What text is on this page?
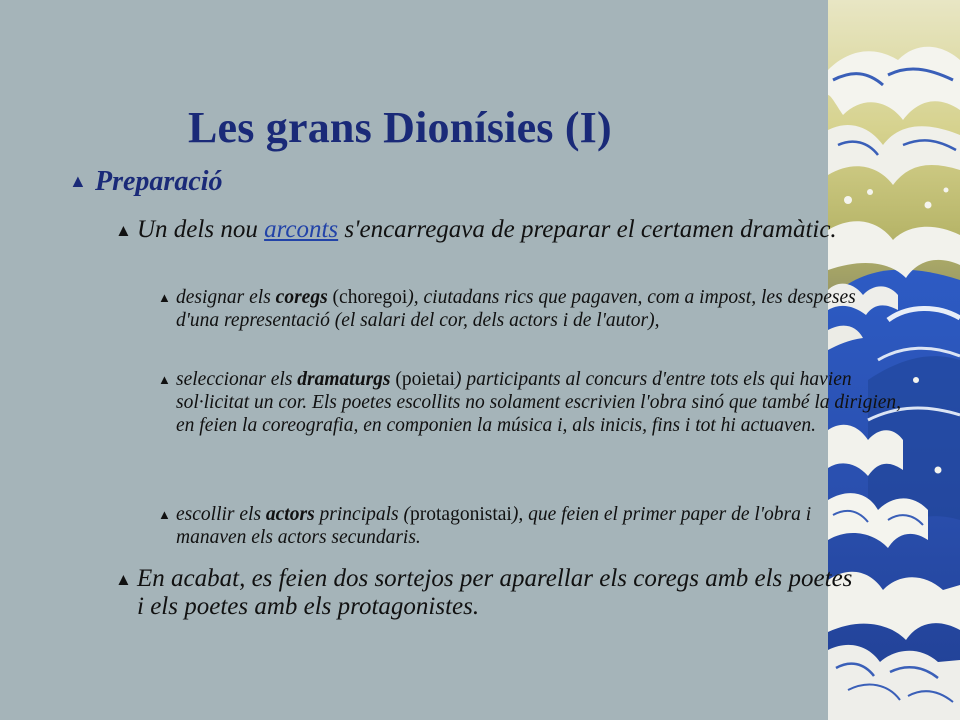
Les grans Dionísies (I)
▲ Preparació
▲ Un dels nou arconts s'encarregava de preparar el certamen dramàtic.
▲ designar els coregs (choregoi), ciutadans rics que pagaven, com a impost, les despeses d'una representació (el salari del cor, dels actors i de l'autor),
▲ seleccionar els dramaturgs (poietai) participants al concurs d'entre tots els qui havien sol·licitat un cor. Els poetes escollits no solament escrivien l'obra sinó que també la dirigien, en feien la coreografia, en componien la música i, als inicis, fins i tot hi actuaven.
▲ escollir els actors principals (protagonistai), que feien el primer paper de l'obra i manaven els actors secundaris.
▲ En acabat, es feien dos sortejos per aparellar els coregs amb els poetes i els poetes amb els protagonistes.
